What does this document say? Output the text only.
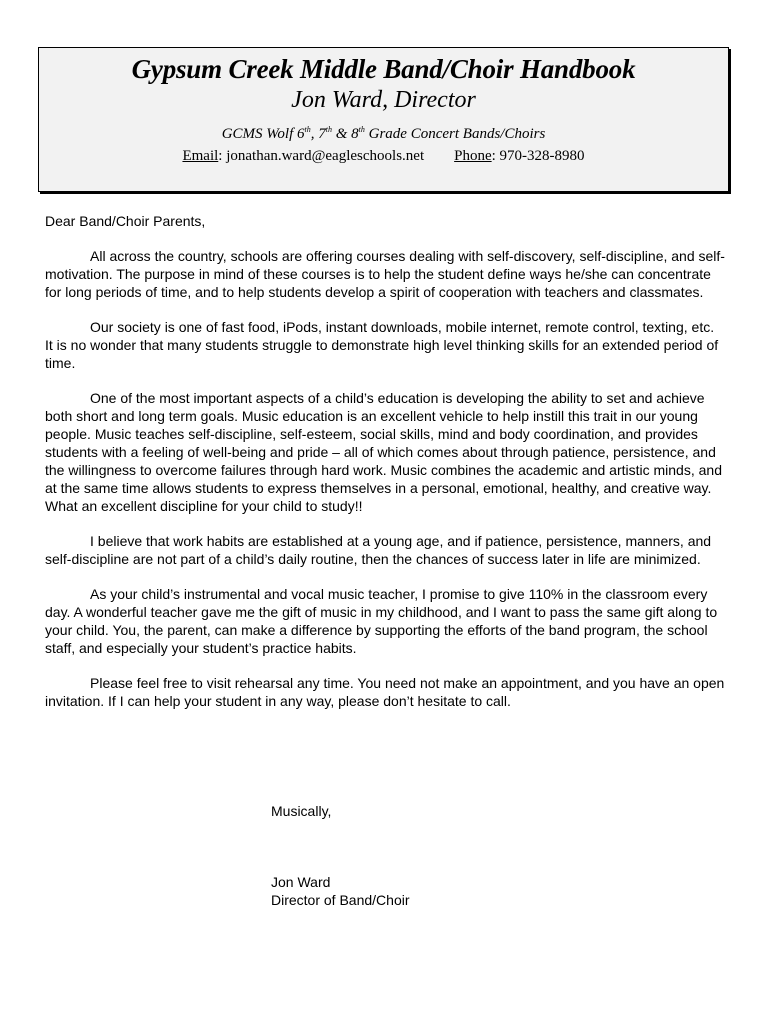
Gypsum Creek Middle Band/Choir Handbook
Jon Ward, Director
GCMS Wolf 6th, 7th & 8th Grade Concert Bands/Choirs
Email: jonathan.ward@eagleschools.net Phone: 970-328-8980

Dear Band/Choir Parents,

All across the country, schools are offering courses dealing with self-discovery, self-discipline, and self-motivation. The purpose in mind of these courses is to help the student define ways he/she can concentrate for long periods of time, and to help students develop a spirit of cooperation with teachers and classmates.

Our society is one of fast food, iPods, instant downloads, mobile internet, remote control, texting, etc. It is no wonder that many students struggle to demonstrate high level thinking skills for an extended period of time.

One of the most important aspects of a child’s education is developing the ability to set and achieve both short and long term goals. Music education is an excellent vehicle to help instill this trait in our young people. Music teaches self-discipline, self-esteem, social skills, mind and body coordination, and provides students with a feeling of well-being and pride – all of which comes about through patience, persistence, and the willingness to overcome failures through hard work. Music combines the academic and artistic minds, and at the same time allows students to express themselves in a personal, emotional, healthy, and creative way. What an excellent discipline for your child to study!!

I believe that work habits are established at a young age, and if patience, persistence, manners, and self-discipline are not part of a child’s daily routine, then the chances of success later in life are minimized.

As your child’s instrumental and vocal music teacher, I promise to give 110% in the classroom every day. A wonderful teacher gave me the gift of music in my childhood, and I want to pass the same gift along to your child. You, the parent, can make a difference by supporting the efforts of the band program, the school staff, and especially your student’s practice habits.

Please feel free to visit rehearsal any time. You need not make an appointment, and you have an open invitation. If I can help your student in any way, please don’t hesitate to call.

Musically,
Jon Ward
Director of Band/Choir
